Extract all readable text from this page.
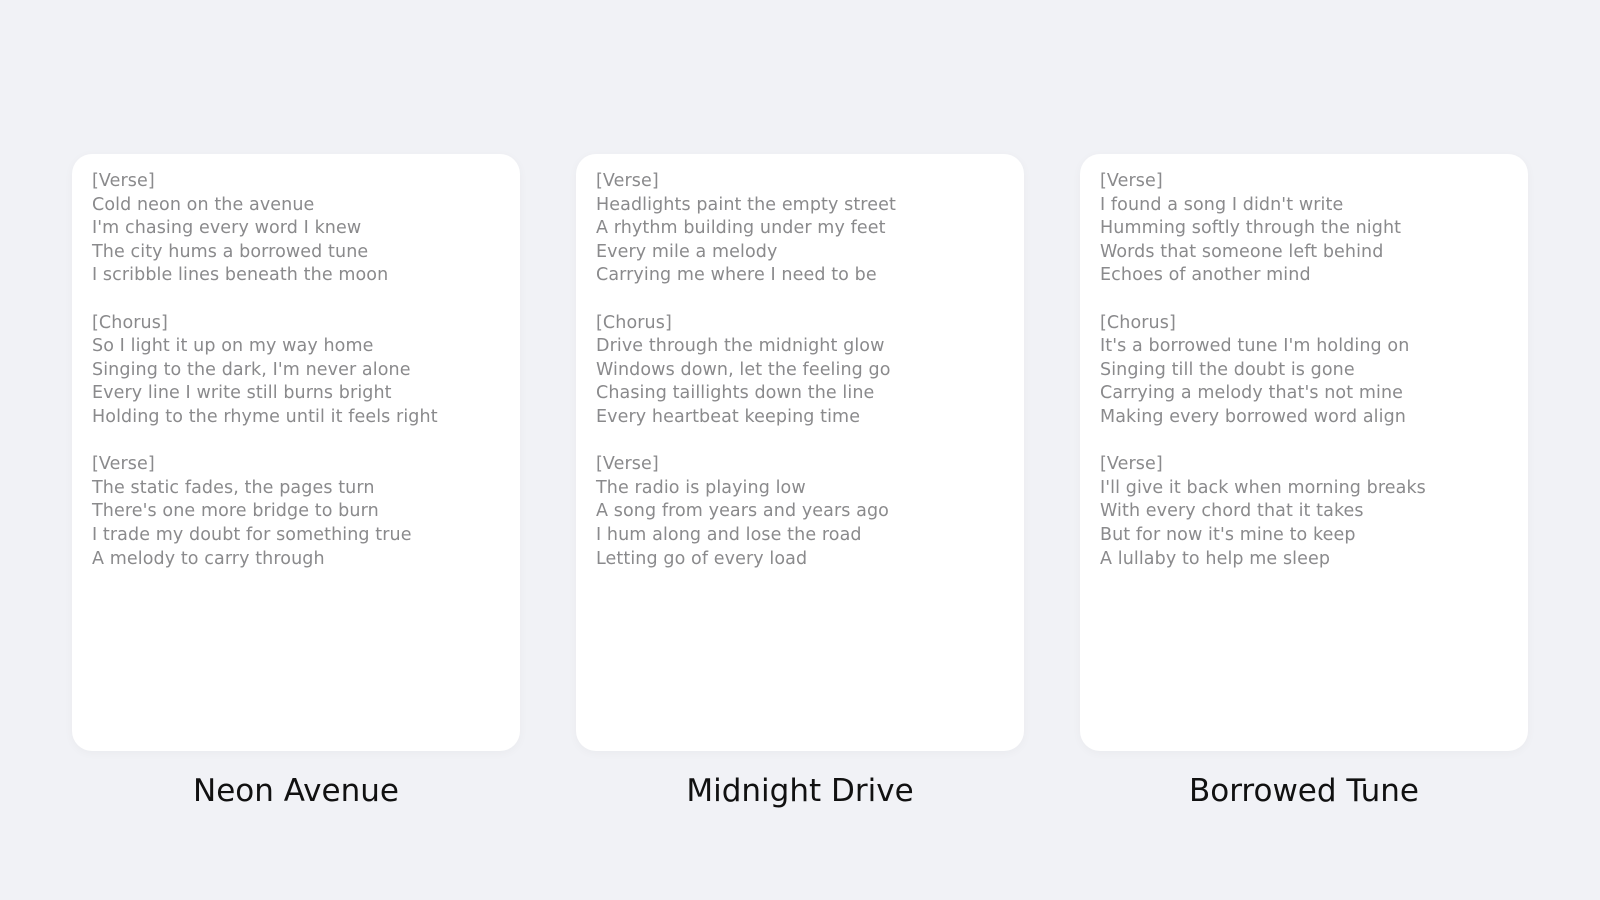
[Verse]
Cold neon on the avenue
I'm chasing every word I knew
The city hums a borrowed tune
I scribble lines beneath the moon
[Chorus]
So I light it up on my way home
Singing to the dark, I'm never alone
Every line I write still burns bright
Holding to the rhyme until it feels right
[Verse]
The static fades, the pages turn
There's one more bridge to burn
I trade my doubt for something true
A melody to carry through
Neon Avenue
[Verse]
Headlights paint the empty street
A rhythm building under my feet
Every mile a melody
Carrying me where I need to be
[Chorus]
Drive through the midnight glow
Windows down, let the feeling go
Chasing taillights down the line
Every heartbeat keeping time
[Verse]
The radio is playing low
A song from years and years ago
I hum along and lose the road
Letting go of every load
Midnight Drive
[Verse]
I found a song I didn't write
Humming softly through the night
Words that someone left behind
Echoes of another mind
[Chorus]
It's a borrowed tune I'm holding on
Singing till the doubt is gone
Carrying a melody that's not mine
Making every borrowed word align
[Verse]
I'll give it back when morning breaks
With every chord that it takes
But for now it's mine to keep
A lullaby to help me sleep
Borrowed Tune
